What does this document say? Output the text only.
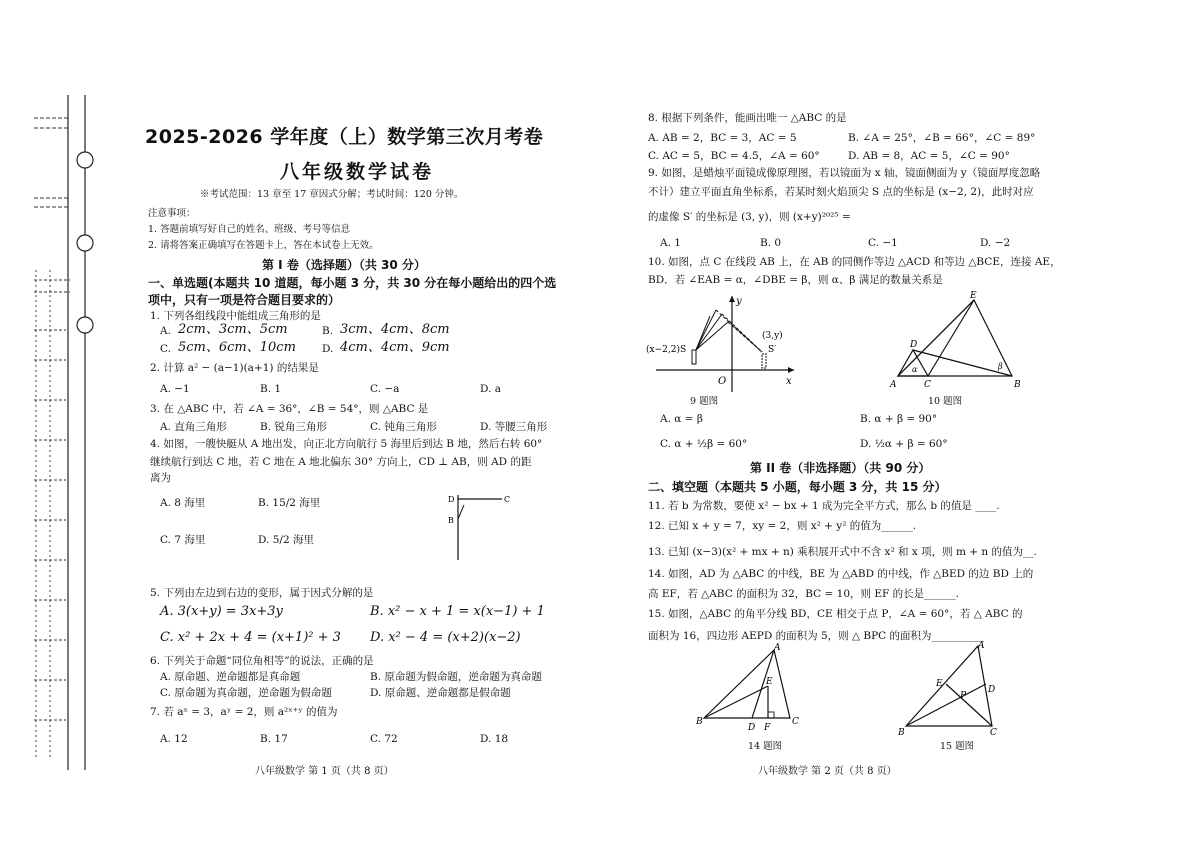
2025-2026 学年度（上）数学第三次月考卷
八年级数学试卷
※考试范围：13 章至 17 章因式分解；考试时间：120 分钟。
注意事项：
1. 答题前填写好自己的姓名、班级、考号等信息
2. 请将答案正确填写在答题卡上，答在本试卷上无效。
第 I 卷（选择题）（共 30 分）
一、单选题(本题共 10 道题，每小题 3 分，共 30 分在每小题给出的四个选
项中，只有一项是符合题目要求的）
1. 下列各组线段中能组成三角形的是
A. 2cm、3cm、5cm	B. 3cm、4cm、8cm
C. 5cm、6cm、10cm D. 4cm、4cm、9cm
2. 计算 a² − (a−1)(a+1) 的结果是
A. −1	B. 1	C. −a	D. a
3. 在 △ABC 中，若 ∠A = 36°，∠B = 54°，则 △ABC 是
A. 直角三角形	B. 锐角三角形	C. 钝角三角形	D. 等腰三角形
4. 如图，一艘快艇从 A 地出发，向正北方向航行 5 海里后到达 B 地，然后右转 60°
继续航行到达 C 地，若 C 地在 A 地北偏东 30° 方向上，CD ⊥ AB，则 AD 的距
离为
A. 8 海里	B. 15/2 海里
C. 7 海里	D. 5/2 海里
D	C
B
5. 下列由左边到右边的变形，属于因式分解的是
A. 3(x+y) = 3x+3y	B. x² − x + 1 = x(x−1) + 1
C. x² + 2x + 4 = (x+1)² + 3 D. x² − 4 = (x+2)(x−2)
6. 下列关于命题“同位角相等”的说法，正确的是
A. 原命题、逆命题都是真命题	B. 原命题为假命题，逆命题为真命题
C. 原命题为真命题，逆命题为假命题	D. 原命题、逆命题都是假命题
7. 若 aˣ = 3，aʸ = 2，则 a²ˣ⁺ʸ 的值为
A. 12	B. 17	C. 72	D. 18
八年级数学 第 1 页（共 8 页）
8. 根据下列条件，能画出唯一 △ABC 的是
A. AB = 2，BC = 3，AC = 5	B. ∠A = 25°，∠B = 66°，∠C = 89°
C. AC = 5，BC = 4.5，∠A = 60°	D. AB = 8，AC = 5，∠C = 90°
9. 如图，是蜡烛平面镜成像原理图，若以镜面为 x 轴，镜面侧面为 y（镜面厚度忽略
不计）建立平面直角坐标系，若某时刻火焰顶尖 S 点的坐标是 (x−2, 2)，此时对应
的虚像 S′ 的坐标是 (3, y)，则 (x+y)²⁰²⁵ =
A. 1	B. 0	C. −1	D. −2
10. 如图，点 C 在线段 AB 上，在 AB 的同侧作等边 △ACD 和等边 △BCE，连接 AE，
BD．若 ∠EAB = α，∠DBE = β，则 α、β 满足的数量关系是
(x−2,2)S
(3,y)
S′
y
x
O
9 题图
E
D
A	C	B
α	β
10 题图
A. α = β	B. α + β = 90°
C. α + ½β = 60°	D. ½α + β = 60°
第 II 卷（非选择题）（共 90 分）
二、填空题（本题共 5 小题，每小题 3 分，共 15 分）
11. 若 b 为常数，要使 x² − bx + 1 成为完全平方式，那么 b 的值是 ____.
12. 已知 x + y = 7，xy = 2，则 x² + y² 的值为______.
13. 已知 (x−3)(x² + mx + n) 乘积展开式中不含 x² 和 x 项，则 m + n 的值为__.
14. 如图，AD 为 △ABC 的中线，BE 为 △ABD 的中线，作 △BED 的边 BD 上的
高 EF，若 △ABC 的面积为 32，BC = 10，则 EF 的长是______.
15. 如图，△ABC 的角平分线 BD，CE 相交于点 P，∠A = 60°，若 △ ABC 的
面积为 16，四边形 AEPD 的面积为 5，则 △ BPC 的面积为__________
A
E
B
D F
C
14 题图
A
E
D
P
B	C
15 题图
八年级数学 第 2 页（共 8 页）
